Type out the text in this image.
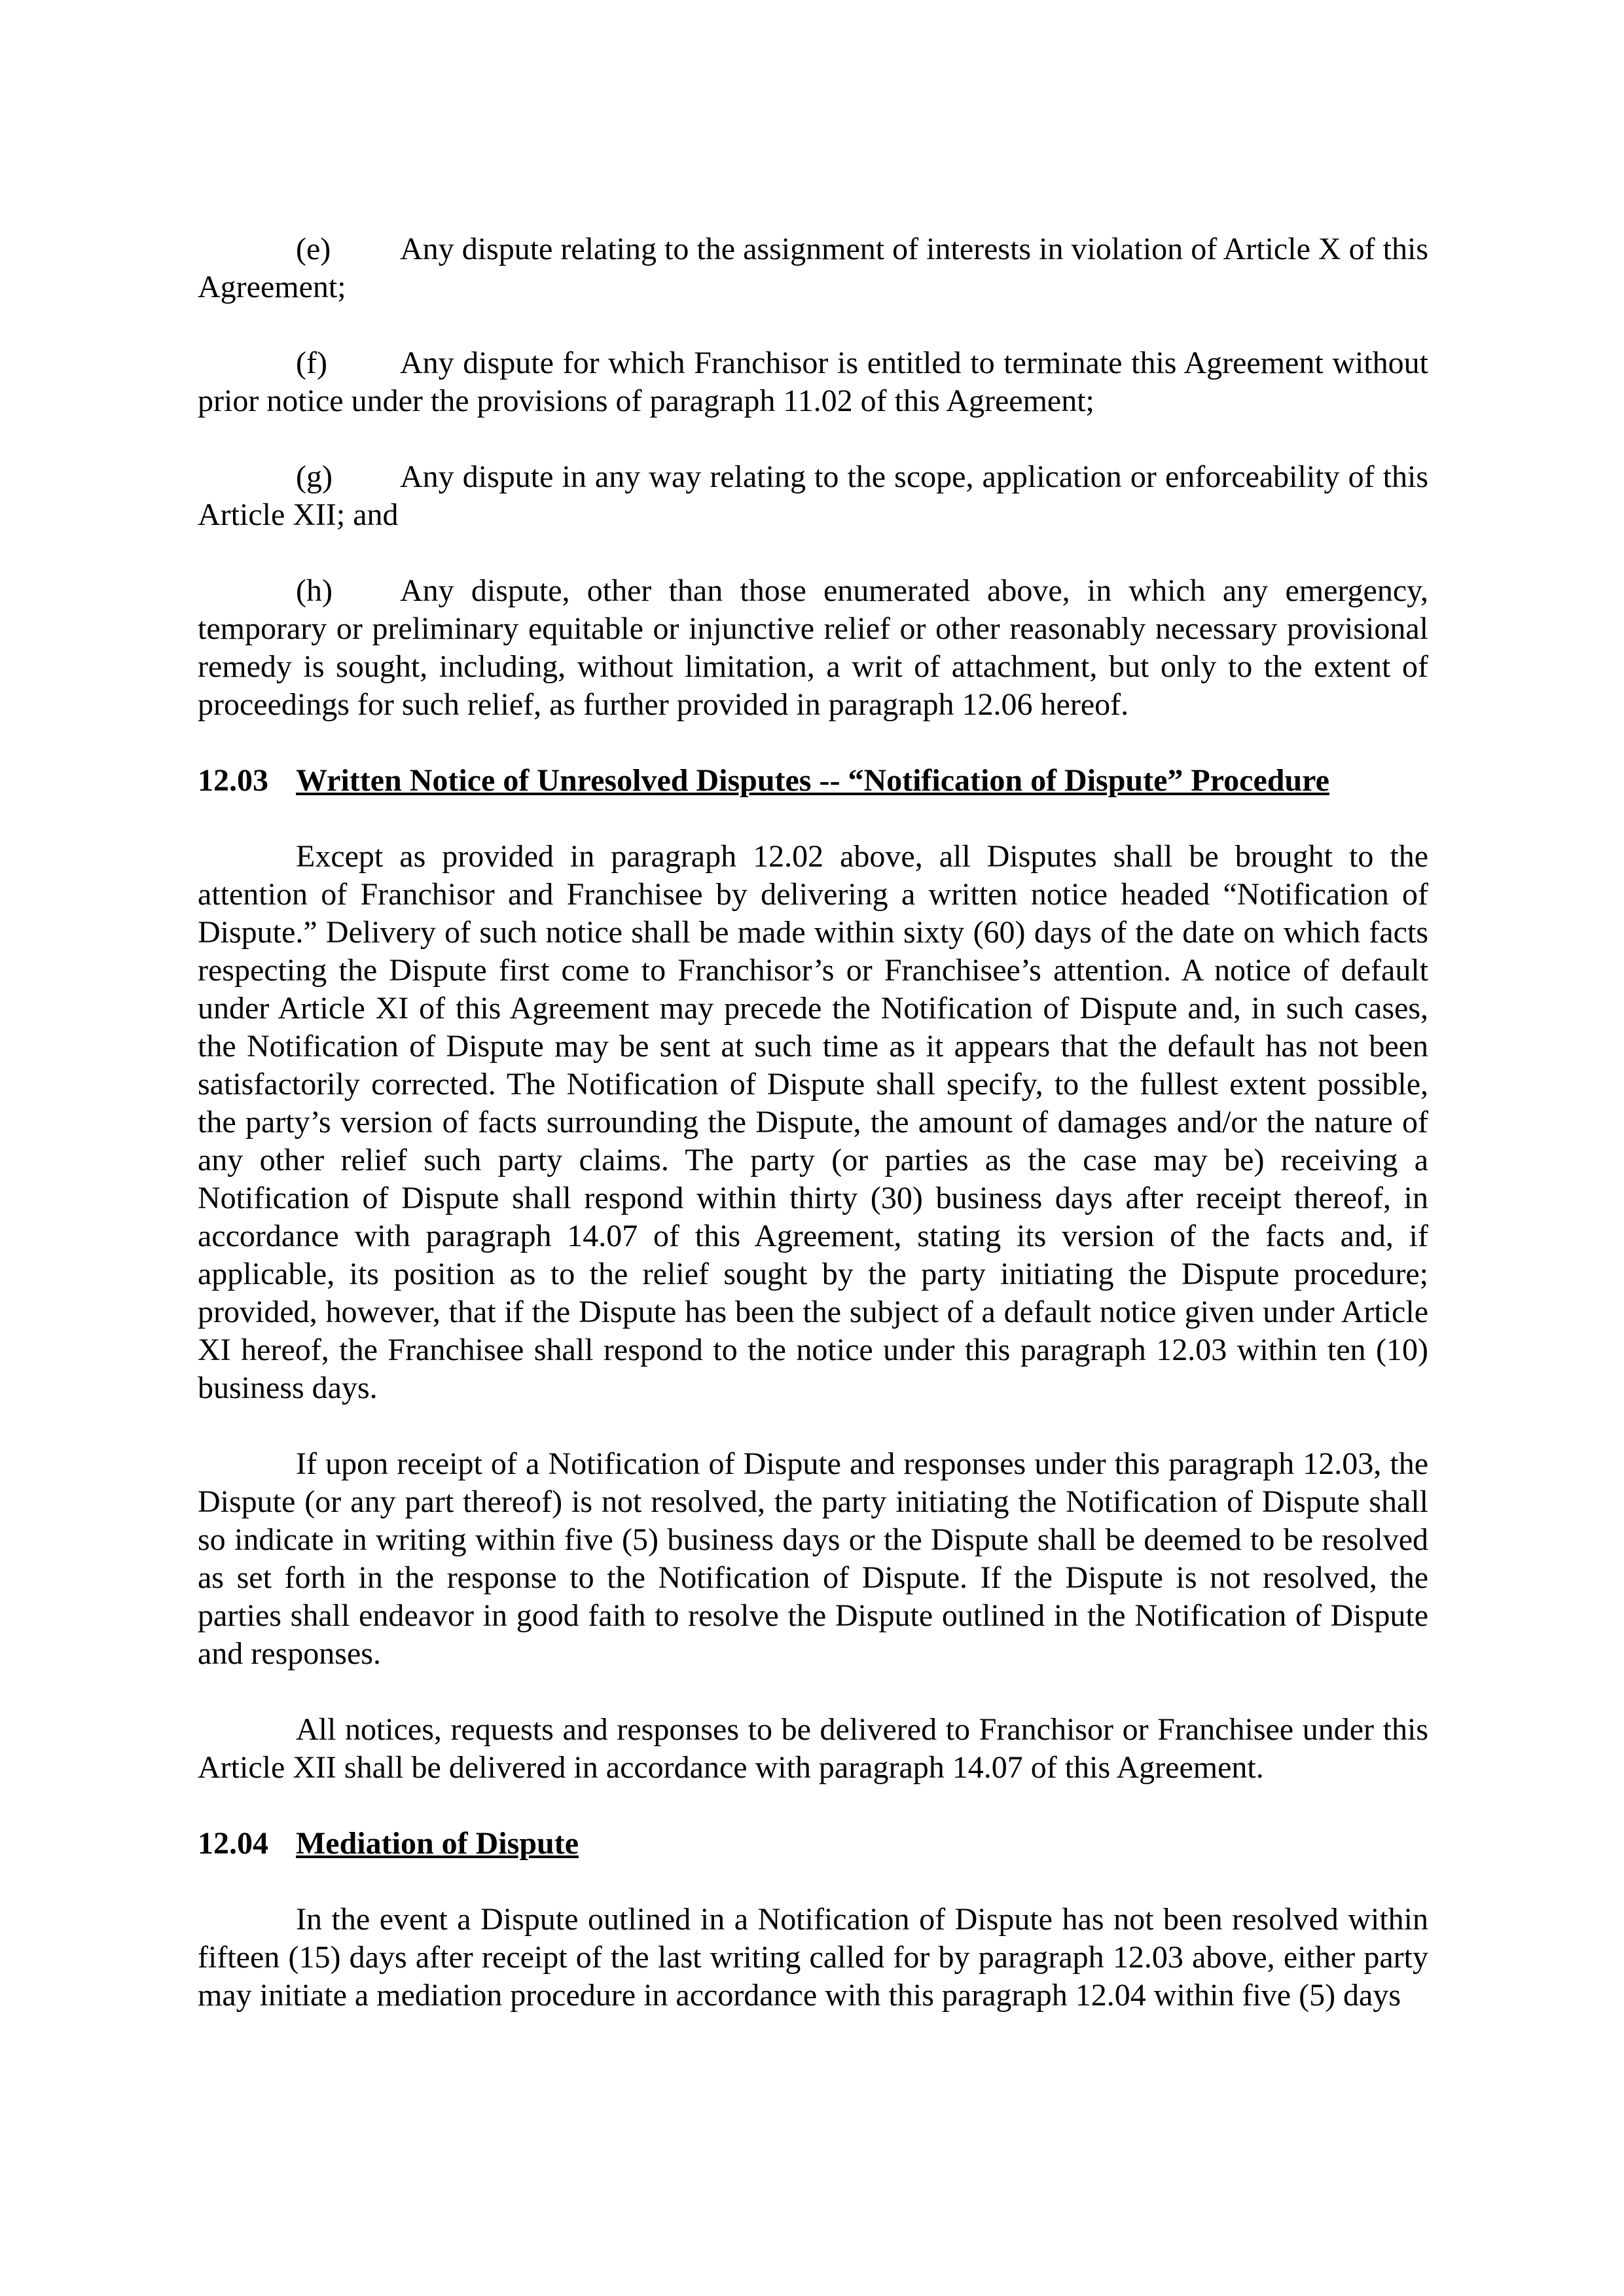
(e) Any dispute relating to the assignment of interests in violation of Article X of this Agreement;

(f) Any dispute for which Franchisor is entitled to terminate this Agreement without prior notice under the provisions of paragraph 11.02 of this Agreement;

(g) Any dispute in any way relating to the scope, application or enforceability of this Article XII; and

(h) Any dispute, other than those enumerated above, in which any emergency, temporary or preliminary equitable or injunctive relief or other reasonably necessary provisional remedy is sought, including, without limitation, a writ of attachment, but only to the extent of proceedings for such relief, as further provided in paragraph 12.06 hereof.

12.03 Written Notice of Unresolved Disputes -- “Notification of Dispute” Procedure

Except as provided in paragraph 12.02 above, all Disputes shall be brought to the attention of Franchisor and Franchisee by delivering a written notice headed “Notification of Dispute.” Delivery of such notice shall be made within sixty (60) days of the date on which facts respecting the Dispute first come to Franchisor’s or Franchisee’s attention. A notice of default under Article XI of this Agreement may precede the Notification of Dispute and, in such cases, the Notification of Dispute may be sent at such time as it appears that the default has not been satisfactorily corrected. The Notification of Dispute shall specify, to the fullest extent possible, the party’s version of facts surrounding the Dispute, the amount of damages and/or the nature of any other relief such party claims. The party (or parties as the case may be) receiving a Notification of Dispute shall respond within thirty (30) business days after receipt thereof, in accordance with paragraph 14.07 of this Agreement, stating its version of the facts and, if applicable, its position as to the relief sought by the party initiating the Dispute procedure; provided, however, that if the Dispute has been the subject of a default notice given under Article XI hereof, the Franchisee shall respond to the notice under this paragraph 12.03 within ten (10) business days.

If upon receipt of a Notification of Dispute and responses under this paragraph 12.03, the Dispute (or any part thereof) is not resolved, the party initiating the Notification of Dispute shall so indicate in writing within five (5) business days or the Dispute shall be deemed to be resolved as set forth in the response to the Notification of Dispute. If the Dispute is not resolved, the parties shall endeavor in good faith to resolve the Dispute outlined in the Notification of Dispute and responses.

All notices, requests and responses to be delivered to Franchisor or Franchisee under this Article XII shall be delivered in accordance with paragraph 14.07 of this Agreement.

12.04 Mediation of Dispute

In the event a Dispute outlined in a Notification of Dispute has not been resolved within fifteen (15) days after receipt of the last writing called for by paragraph 12.03 above, either party may initiate a mediation procedure in accordance with this paragraph 12.04 within five (5) days
